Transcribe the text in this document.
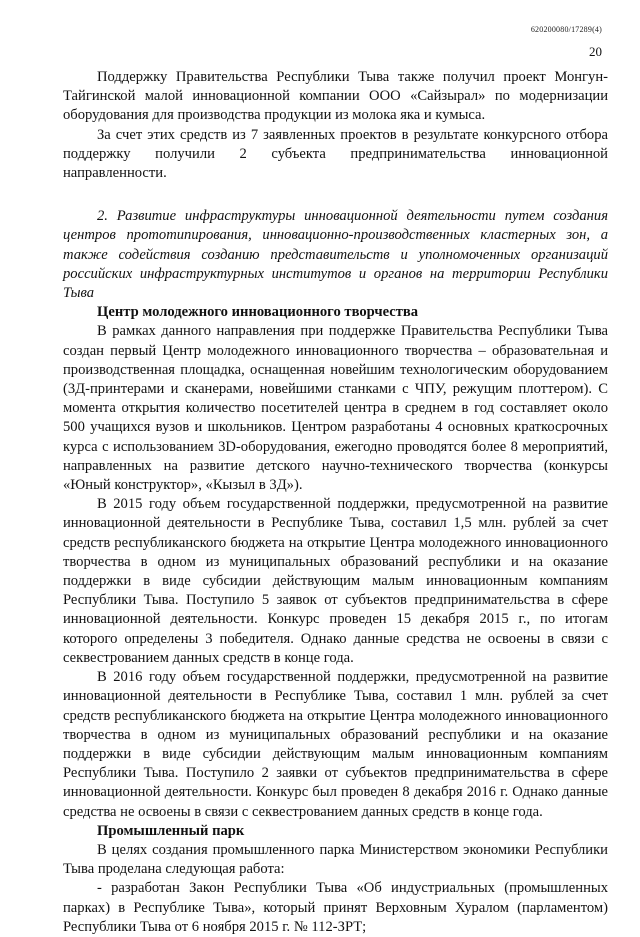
620200080/17289(4)
20

Поддержку Правительства Республики Тыва также получил проект Монгун-Тайгинской малой инновационной компании ООО «Сайзырал» по модернизации оборудования для производства продукции из молока яка и кумыса.

За счет этих средств из 7 заявленных проектов в результате конкурсного отбора поддержку получили 2 субъекта предпринимательства инновационной направленности.

2. Развитие инфраструктуры инновационной деятельности путем создания центров прототипирования, инновационно-производственных кластерных зон, а также содействия созданию представительств и уполномоченных организаций российских инфраструктурных институтов и органов на территории Республики Тыва

Центр молодежного инновационного творчества

В рамках данного направления при поддержке Правительства Республики Тыва создан первый Центр молодежного инновационного творчества – образовательная и производственная площадка, оснащенная новейшим технологическим оборудованием (3Д-принтерами и сканерами, новейшими станками с ЧПУ, режущим плоттером). С момента открытия количество посетителей центра в среднем в год составляет около 500 учащихся вузов и школьников. Центром разработаны 4 основных краткосрочных курса с использованием 3D-оборудования, ежегодно проводятся более 8 мероприятий, направленных на развитие детского научно-технического творчества (конкурсы «Юный конструктор», «Кызыл в 3Д»).

В 2015 году объем государственной поддержки, предусмотренной на развитие инновационной деятельности в Республике Тыва, составил 1,5 млн. рублей за счет средств республиканского бюджета на открытие Центра молодежного инновационного творчества в одном из муниципальных образований республики и на оказание поддержки в виде субсидии действующим малым инновационным компаниям Республики Тыва. Поступило 5 заявок от субъектов предпринимательства в сфере инновационной деятельности. Конкурс проведен 15 декабря 2015 г., по итогам которого определены 3 победителя. Однако данные средства не освоены в связи с секвестрованием данных средств в конце года.

В 2016 году объем государственной поддержки, предусмотренной на развитие инновационной деятельности в Республике Тыва, составил 1 млн. рублей за счет средств республиканского бюджета на открытие Центра молодежного инновационного творчества в одном из муниципальных образований республики и на оказание поддержки в виде субсидии действующим малым инновационным компаниям Республики Тыва. Поступило 2 заявки от субъектов предпринимательства в сфере инновационной деятельности. Конкурс был проведен 8 декабря 2016 г. Однако данные средства не освоены в связи с секвестрованием данных средств в конце года.

Промышленный парк

В целях создания промышленного парка Министерством экономики Республики Тыва проделана следующая работа:

- разработан Закон Республики Тыва «Об индустриальных (промышленных парках) в Республике Тыва», который принят Верховным Хуралом (парламентом) Республики Тыва от 6 ноября 2015 г. № 112-ЗРТ;
